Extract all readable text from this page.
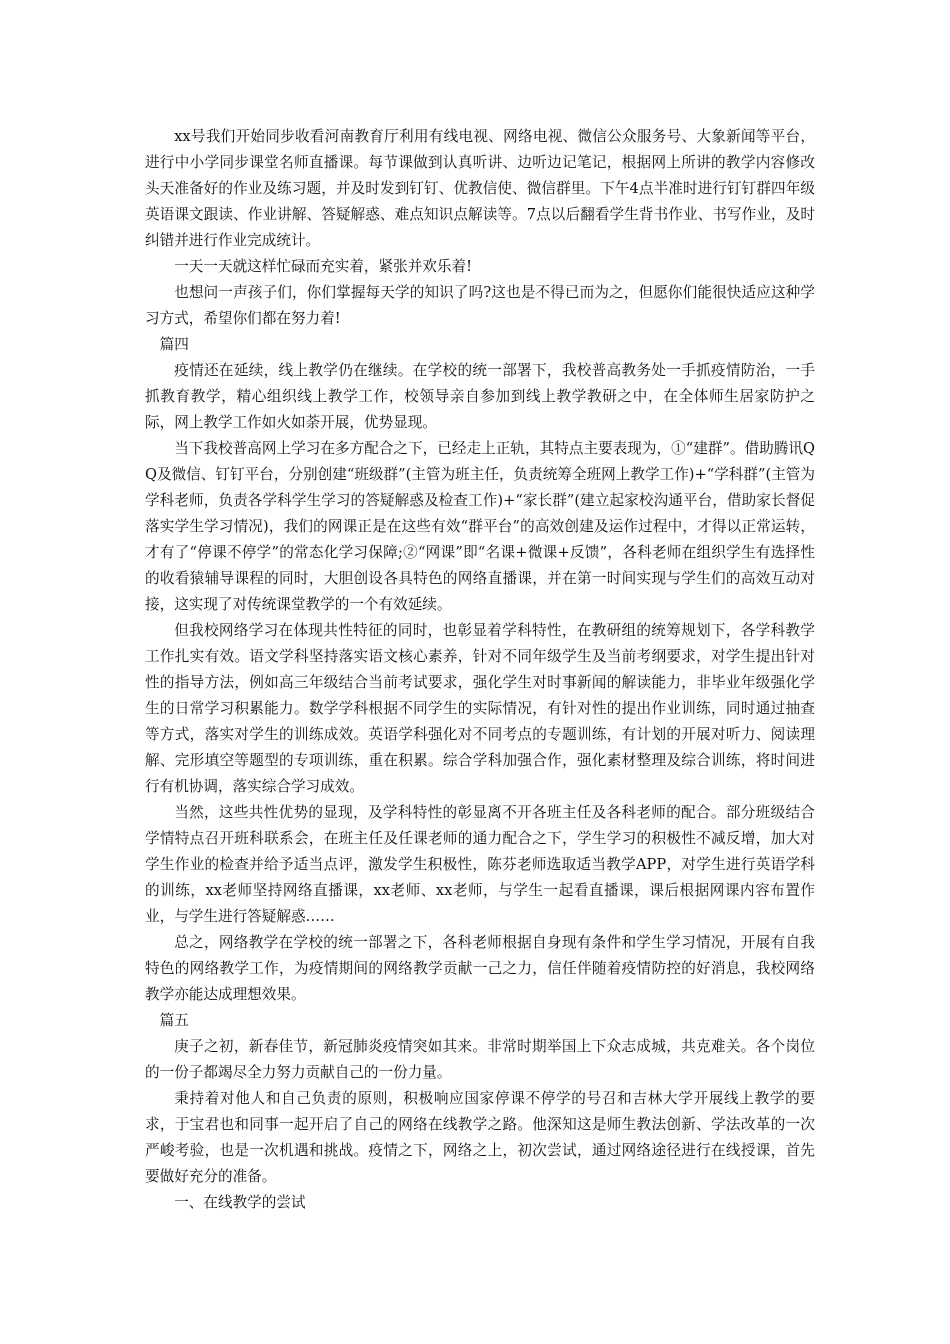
xx号我们开始同步收看河南教育厅利用有线电视、网络电视、微信公众服务号、大象新闻等平台，进行中小学同步课堂名师直播课。每节课做到认真听讲、边听边记笔记，根据网上所讲的教学内容修改头天准备好的作业及练习题，并及时发到钉钉、优教信使、微信群里。下午4点半准时进行钉钉群四年级英语课文跟读、作业讲解、答疑解惑、难点知识点解读等。7点以后翻看学生背书作业、书写作业，及时纠错并进行作业完成统计。

一天一天就这样忙碌而充实着，紧张并欢乐着!

也想问一声孩子们，你们掌握每天学的知识了吗?这也是不得已而为之，但愿你们能很快适应这种学习方式，希望你们都在努力着!

篇四

疫情还在延续，线上教学仍在继续。在学校的统一部署下，我校普高教务处一手抓疫情防治，一手抓教育教学，精心组织线上教学工作，校领导亲自参加到线上教学教研之中，在全体师生居家防护之际，网上教学工作如火如荼开展，优势显现。

当下我校普高网上学习在多方配合之下，已经走上正轨，其特点主要表现为，①“建群”。借助腾讯QQ及微信、钉钉平台，分别创建“班级群”(主管为班主任，负责统筹全班网上教学工作)+“学科群”(主管为学科老师，负责各学科学生学习的答疑解惑及检查工作)+“家长群”(建立起家校沟通平台，借助家长督促落实学生学习情况)，我们的网课正是在这些有效“群平台”的高效创建及运作过程中，才得以正常运转，才有了“停课不停学”的常态化学习保障;②“网课”即“名课+微课+反馈”，各科老师在组织学生有选择性的收看猿辅导课程的同时，大胆创设各具特色的网络直播课，并在第一时间实现与学生们的高效互动对接，这实现了对传统课堂教学的一个有效延续。

但我校网络学习在体现共性特征的同时，也彰显着学科特性，在教研组的统筹规划下，各学科教学工作扎实有效。语文学科坚持落实语文核心素养，针对不同年级学生及当前考纲要求，对学生提出针对性的指导方法，例如高三年级结合当前考试要求，强化学生对时事新闻的解读能力，非毕业年级强化学生的日常学习积累能力。数学学科根据不同学生的实际情况，有针对性的提出作业训练，同时通过抽查等方式，落实对学生的训练成效。英语学科强化对不同考点的专题训练，有计划的开展对听力、阅读理解、完形填空等题型的专项训练，重在积累。综合学科加强合作，强化素材整理及综合训练，将时间进行有机协调，落实综合学习成效。

当然，这些共性优势的显现，及学科特性的彰显离不开各班主任及各科老师的配合。部分班级结合学情特点召开班科联系会，在班主任及任课老师的通力配合之下，学生学习的积极性不减反增，加大对学生作业的检查并给予适当点评，激发学生积极性，陈芬老师选取适当教学APP，对学生进行英语学科的训练，xx老师坚持网络直播课，xx老师、xx老师，与学生一起看直播课，课后根据网课内容布置作业，与学生进行答疑解惑……

总之，网络教学在学校的统一部署之下，各科老师根据自身现有条件和学生学习情况，开展有自我特色的网络教学工作，为疫情期间的网络教学贡献一己之力，信任伴随着疫情防控的好消息，我校网络教学亦能达成理想效果。

篇五

庚子之初，新春佳节，新冠肺炎疫情突如其来。非常时期举国上下众志成城，共克难关。各个岗位的一份子都竭尽全力努力贡献自己的一份力量。

秉持着对他人和自己负责的原则，积极响应国家停课不停学的号召和吉林大学开展线上教学的要求，于宝君也和同事一起开启了自己的网络在线教学之路。他深知这是师生教法创新、学法改革的一次严峻考验，也是一次机遇和挑战。疫情之下，网络之上，初次尝试，通过网络途径进行在线授课，首先要做好充分的准备。

一、在线教学的尝试
